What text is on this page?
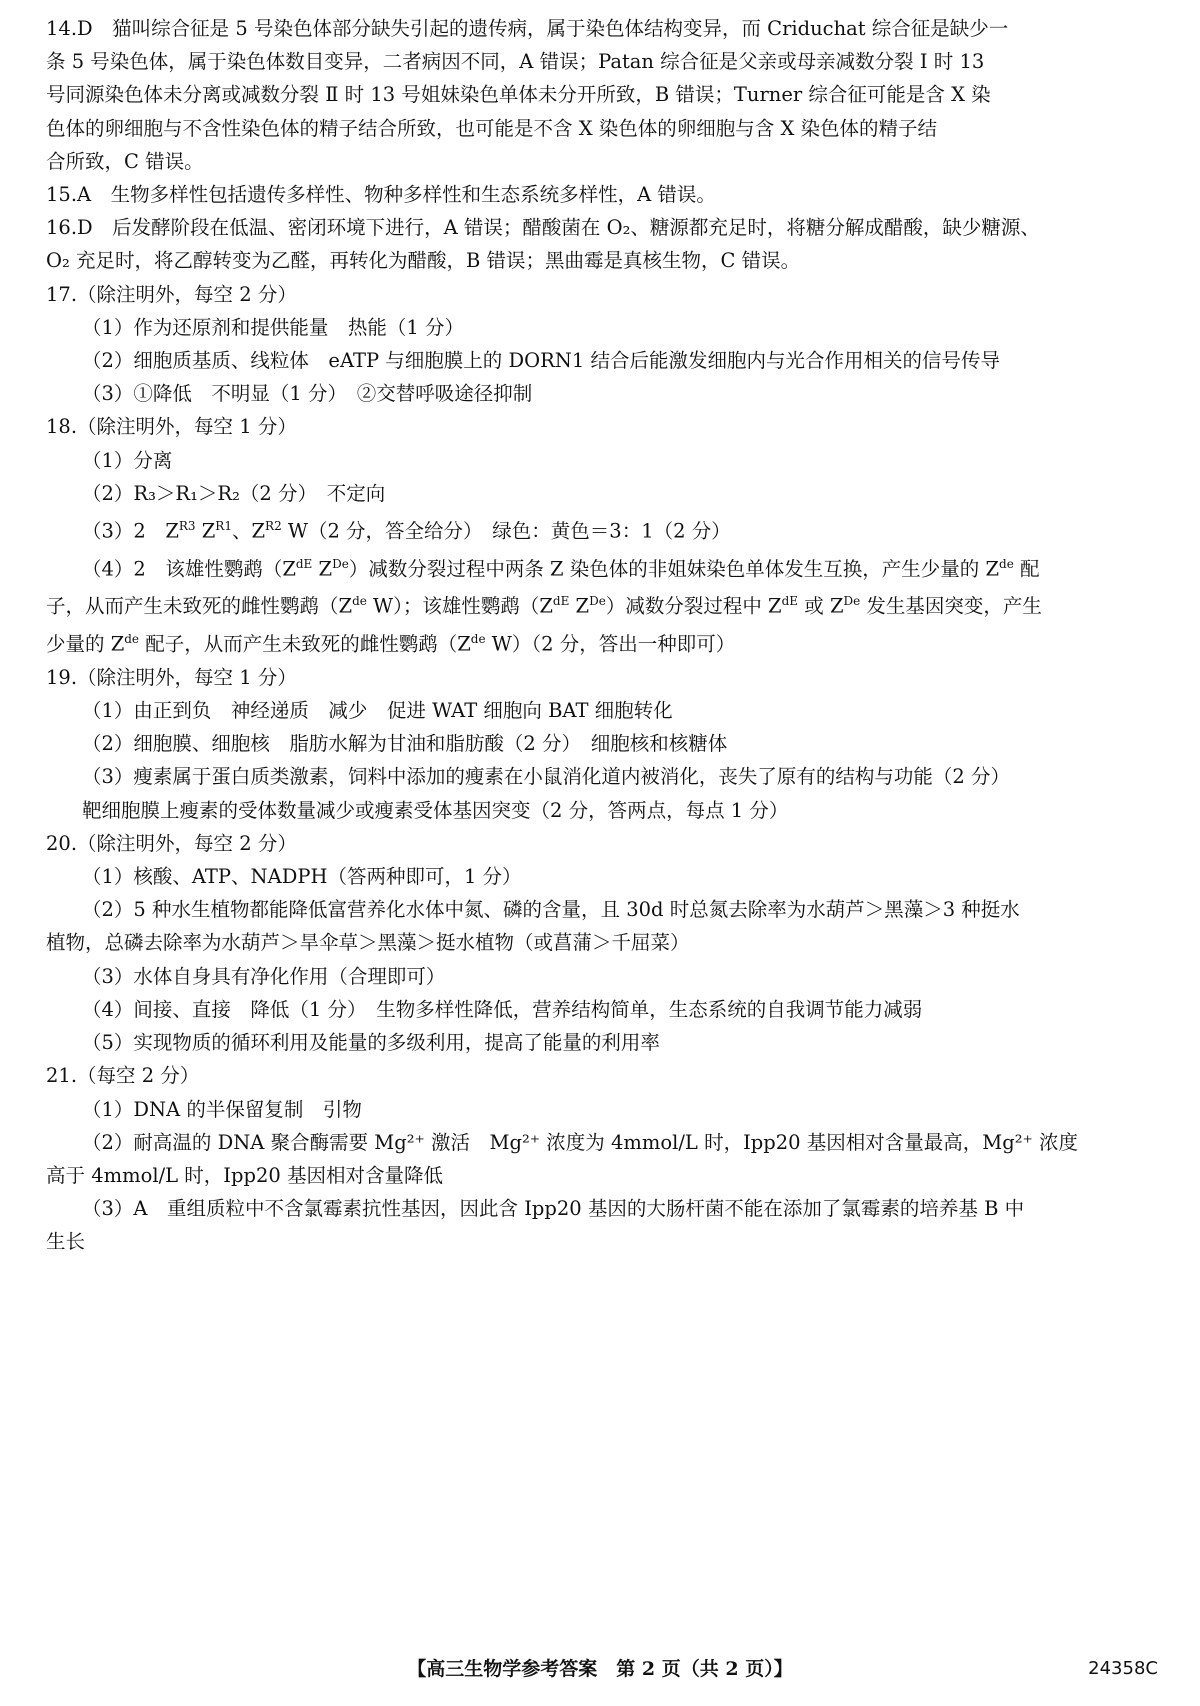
14.D　猫叫综合征是 5 号染色体部分缺失引起的遗传病，属于染色体结构变异，而 Criduchat 综合征是缺少一
条 5 号染色体，属于染色体数目变异，二者病因不同，A 错误；Patan 综合征是父亲或母亲减数分裂 Ⅰ 时 13
号同源染色体未分离或减数分裂 Ⅱ 时 13 号姐妹染色单体未分开所致，B 错误；Turner 综合征可能是含 X 染
色体的卵细胞与不含性染色体的精子结合所致，也可能是不含 X 染色体的卵细胞与含 X 染色体的精子结
合所致，C 错误。
15.A　生物多样性包括遗传多样性、物种多样性和生态系统多样性，A 错误。
16.D　后发酵阶段在低温、密闭环境下进行，A 错误；醋酸菌在 O₂、糖源都充足时，将糖分解成醋酸，缺少糖源、
O₂ 充足时，将乙醇转变为乙醛，再转化为醋酸，B 错误；黑曲霉是真核生物，C 错误。
17.（除注明外，每空 2 分）
（1）作为还原剂和提供能量　热能（1 分）
（2）细胞质基质、线粒体　eATP 与细胞膜上的 DORN1 结合后能激发细胞内与光合作用相关的信号传导
（3）①降低　不明显（1 分）　②交替呼吸途径抑制
18.（除注明外，每空 1 分）
（1）分离
（2）R₃＞R₁＞R₂（2 分）　不定向
（3）2　$Z^{R3}$ $Z^{R1}$、$Z^{R2}$ W（2 分，答全给分）　绿色：黄色＝3：1（2 分）
（4）2　该雄性鹦鹉（$Z^{dE}$ $Z^{De}$）减数分裂过程中两条 Z 染色体的非姐妹染色单体发生互换，产生少量的 $Z^{de}$ 配
子，从而产生未致死的雌性鹦鹉（$Z^{de}$ W）；该雄性鹦鹉（$Z^{dE}$ $Z^{De}$）减数分裂过程中 $Z^{dE}$ 或 $Z^{De}$ 发生基因突变，产生
少量的 $Z^{de}$ 配子，从而产生未致死的雌性鹦鹉（$Z^{de}$ W）（2 分，答出一种即可）
19.（除注明外，每空 1 分）
（1）由正到负　神经递质　减少　促进 WAT 细胞向 BAT 细胞转化
（2）细胞膜、细胞核　脂肪水解为甘油和脂肪酸（2 分）　细胞核和核糖体
（3）瘦素属于蛋白质类激素，饲料中添加的瘦素在小鼠消化道内被消化，丧失了原有的结构与功能（2 分）
靶细胞膜上瘦素的受体数量减少或瘦素受体基因突变（2 分，答两点，每点 1 分）
20.（除注明外，每空 2 分）
（1）核酸、ATP、NADPH（答两种即可，1 分）
（2）5 种水生植物都能降低富营养化水体中氮、磷的含量，且 30d 时总氮去除率为水葫芦＞黑藻＞3 种挺水
植物，总磷去除率为水葫芦＞旱伞草＞黑藻＞挺水植物（或菖蒲＞千屈菜）
（3）水体自身具有净化作用（合理即可）
（4）间接、直接　降低（1 分）　生物多样性降低，营养结构简单，生态系统的自我调节能力减弱
（5）实现物质的循环利用及能量的多级利用，提高了能量的利用率
21.（每空 2 分）
（1）DNA 的半保留复制　引物
（2）耐高温的 DNA 聚合酶需要 Mg²⁺ 激活　Mg²⁺ 浓度为 4mmol/L 时，Ipp20 基因相对含量最高，Mg²⁺ 浓度
高于 4mmol/L 时，Ipp20 基因相对含量降低
（3）A　重组质粒中不含氯霉素抗性基因，因此含 Ipp20 基因的大肠杆菌不能在添加了氯霉素的培养基 B 中
生长
【高三生物学参考答案　第 2 页（共 2 页）】	24358C
